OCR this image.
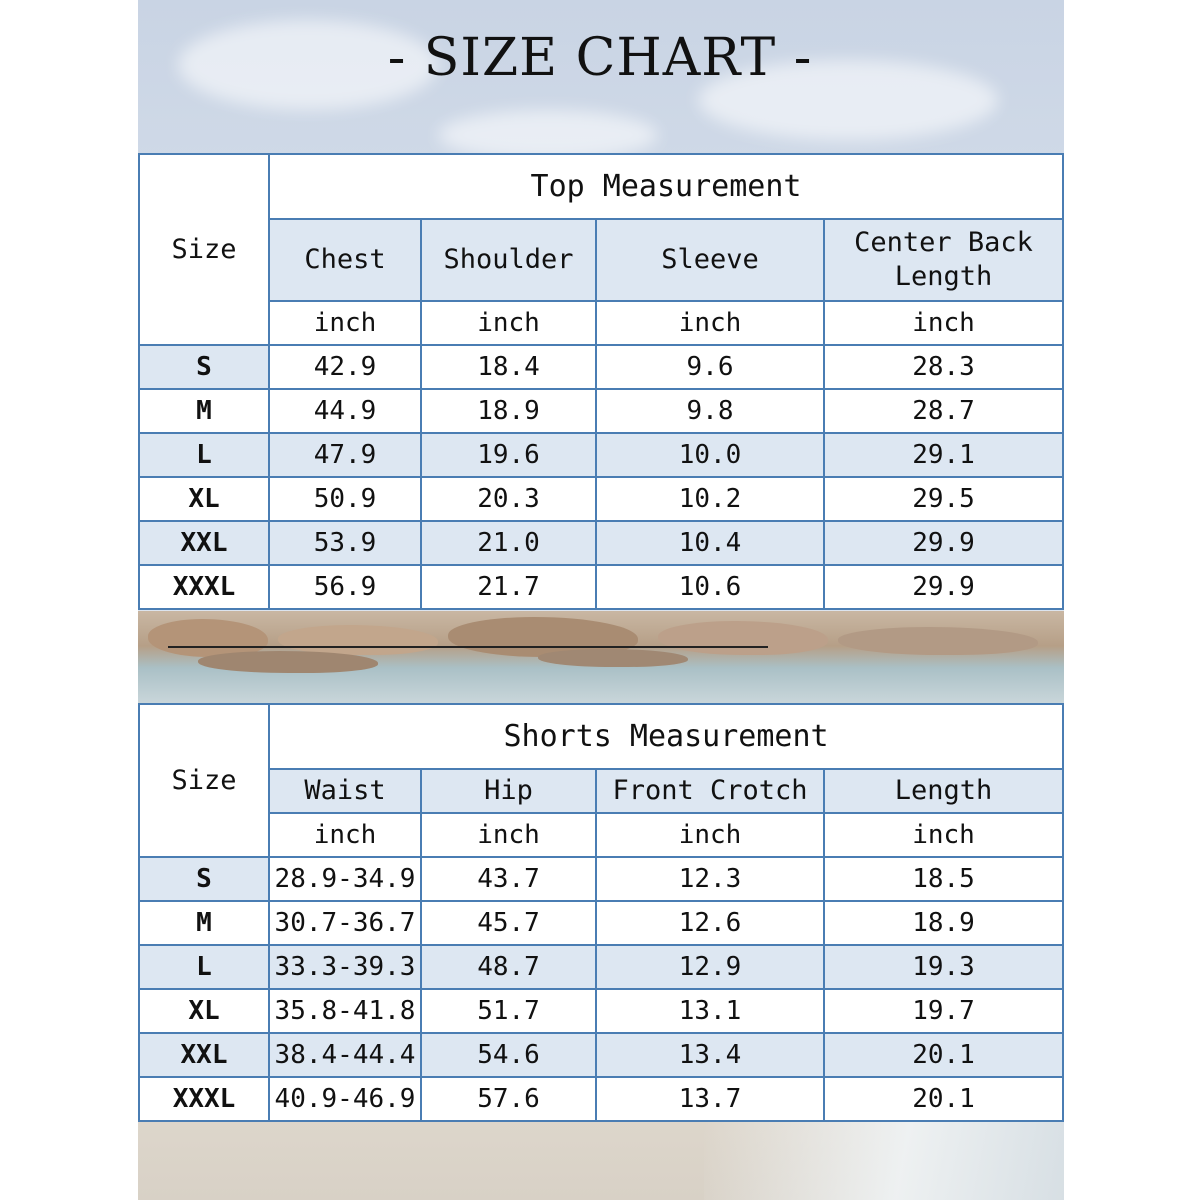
- SIZE CHART -
Size	Top Measurement			
	Chest	Shoulder	Sleeve	Center Back Length
	inch	inch	inch	inch
S	42.9	18.4	9.6	28.3
M	44.9	18.9	9.8	28.7
L	47.9	19.6	10.0	29.1
XL	50.9	20.3	10.2	29.5
XXL	53.9	21.0	10.4	29.9
XXXL	56.9	21.7	10.6	29.9
Size	Shorts Measurement			
	Waist	Hip	Front Crotch	Length
	inch	inch	inch	inch
S	28.9-34.9	43.7	12.3	18.5
M	30.7-36.7	45.7	12.6	18.9
L	33.3-39.3	48.7	12.9	19.3
XL	35.8-41.8	51.7	13.1	19.7
XXL	38.4-44.4	54.6	13.4	20.1
XXXL	40.9-46.9	57.6	13.7	20.1
